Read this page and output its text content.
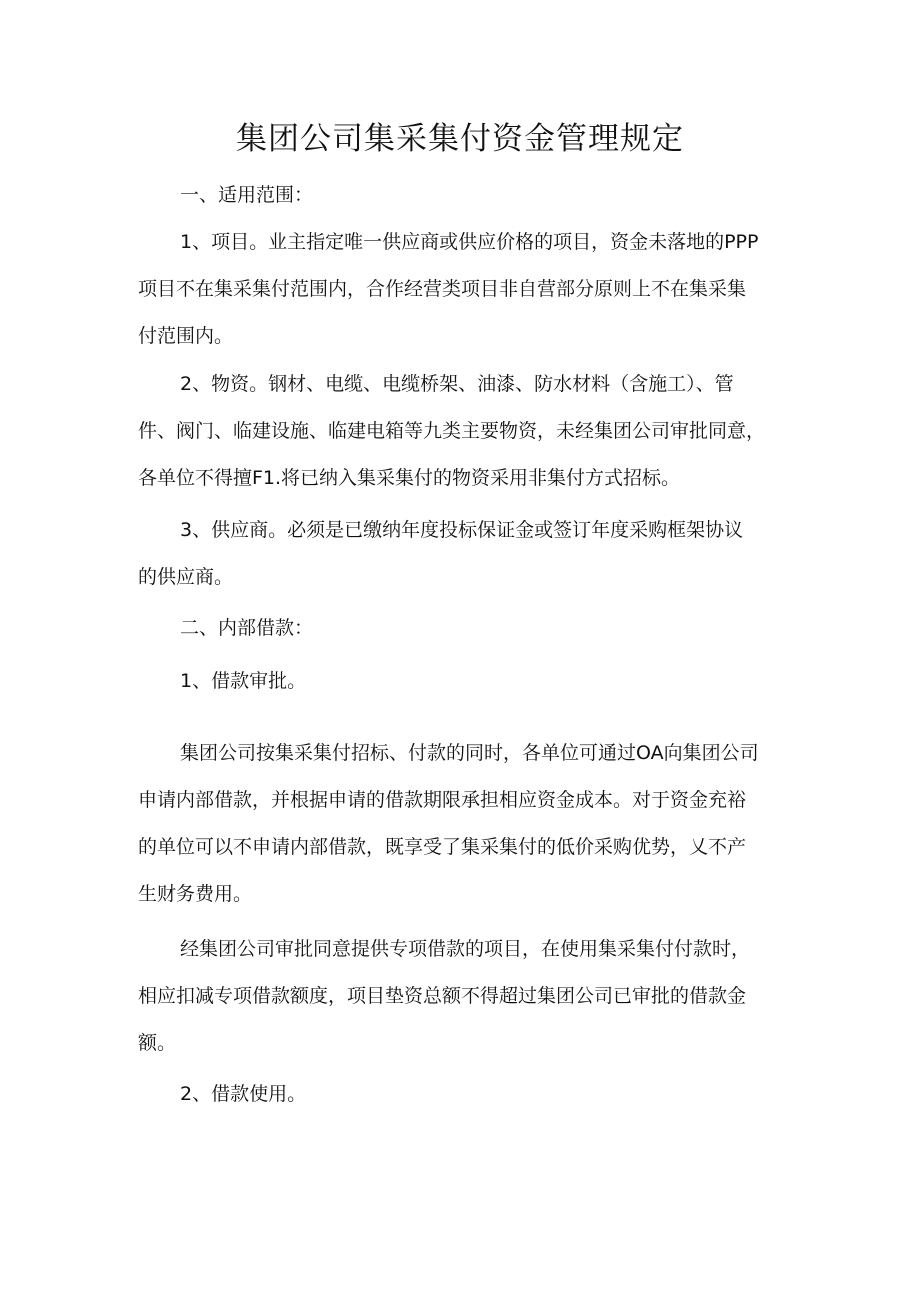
集团公司集采集付资金管理规定

一、适用范围：

1、项目。业主指定唯一供应商或供应价格的项目，资金未落地的PPP
项目不在集采集付范围内，合作经营类项目非自营部分原则上不在集采集
付范围内。

2、物资。钢材、电缆、电缆桥架、油漆、防水材料（含施工）、管
件、阀门、临建设施、临建电箱等九类主要物资，未经集团公司审批同意，
各单位不得擅F1.将已纳入集采集付的物资采用非集付方式招标。

3、供应商。必须是已缴纳年度投标保证金或签订年度采购框架协议
的供应商。

二、内部借款：

1、借款审批。

集团公司按集采集付招标、付款的同时，各单位可通过OA向集团公司
申请内部借款，并根据申请的借款期限承担相应资金成本。对于资金充裕
的单位可以不申请内部借款，既享受了集采集付的低价采购优势，乂不产
生财务费用。

经集团公司审批同意提供专项借款的项目，在使用集采集付付款时，
相应扣减专项借款额度，项目垫资总额不得超过集团公司已审批的借款金
额。

2、借款使用。
